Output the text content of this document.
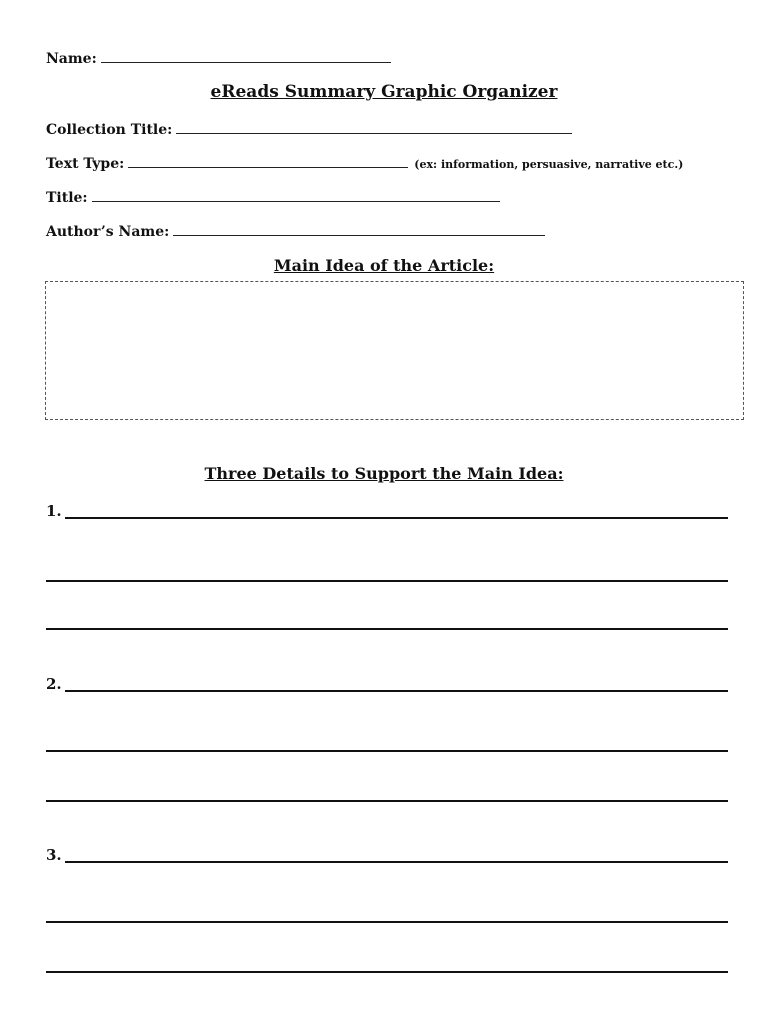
Name:
eReads Summary Graphic Organizer
Collection Title:
Text Type:	(ex: information, persuasive, narrative etc.)
Title:
Author’s Name:
Main Idea of the Article:
Three Details to Support the Main Idea:
1.
2.
3.
